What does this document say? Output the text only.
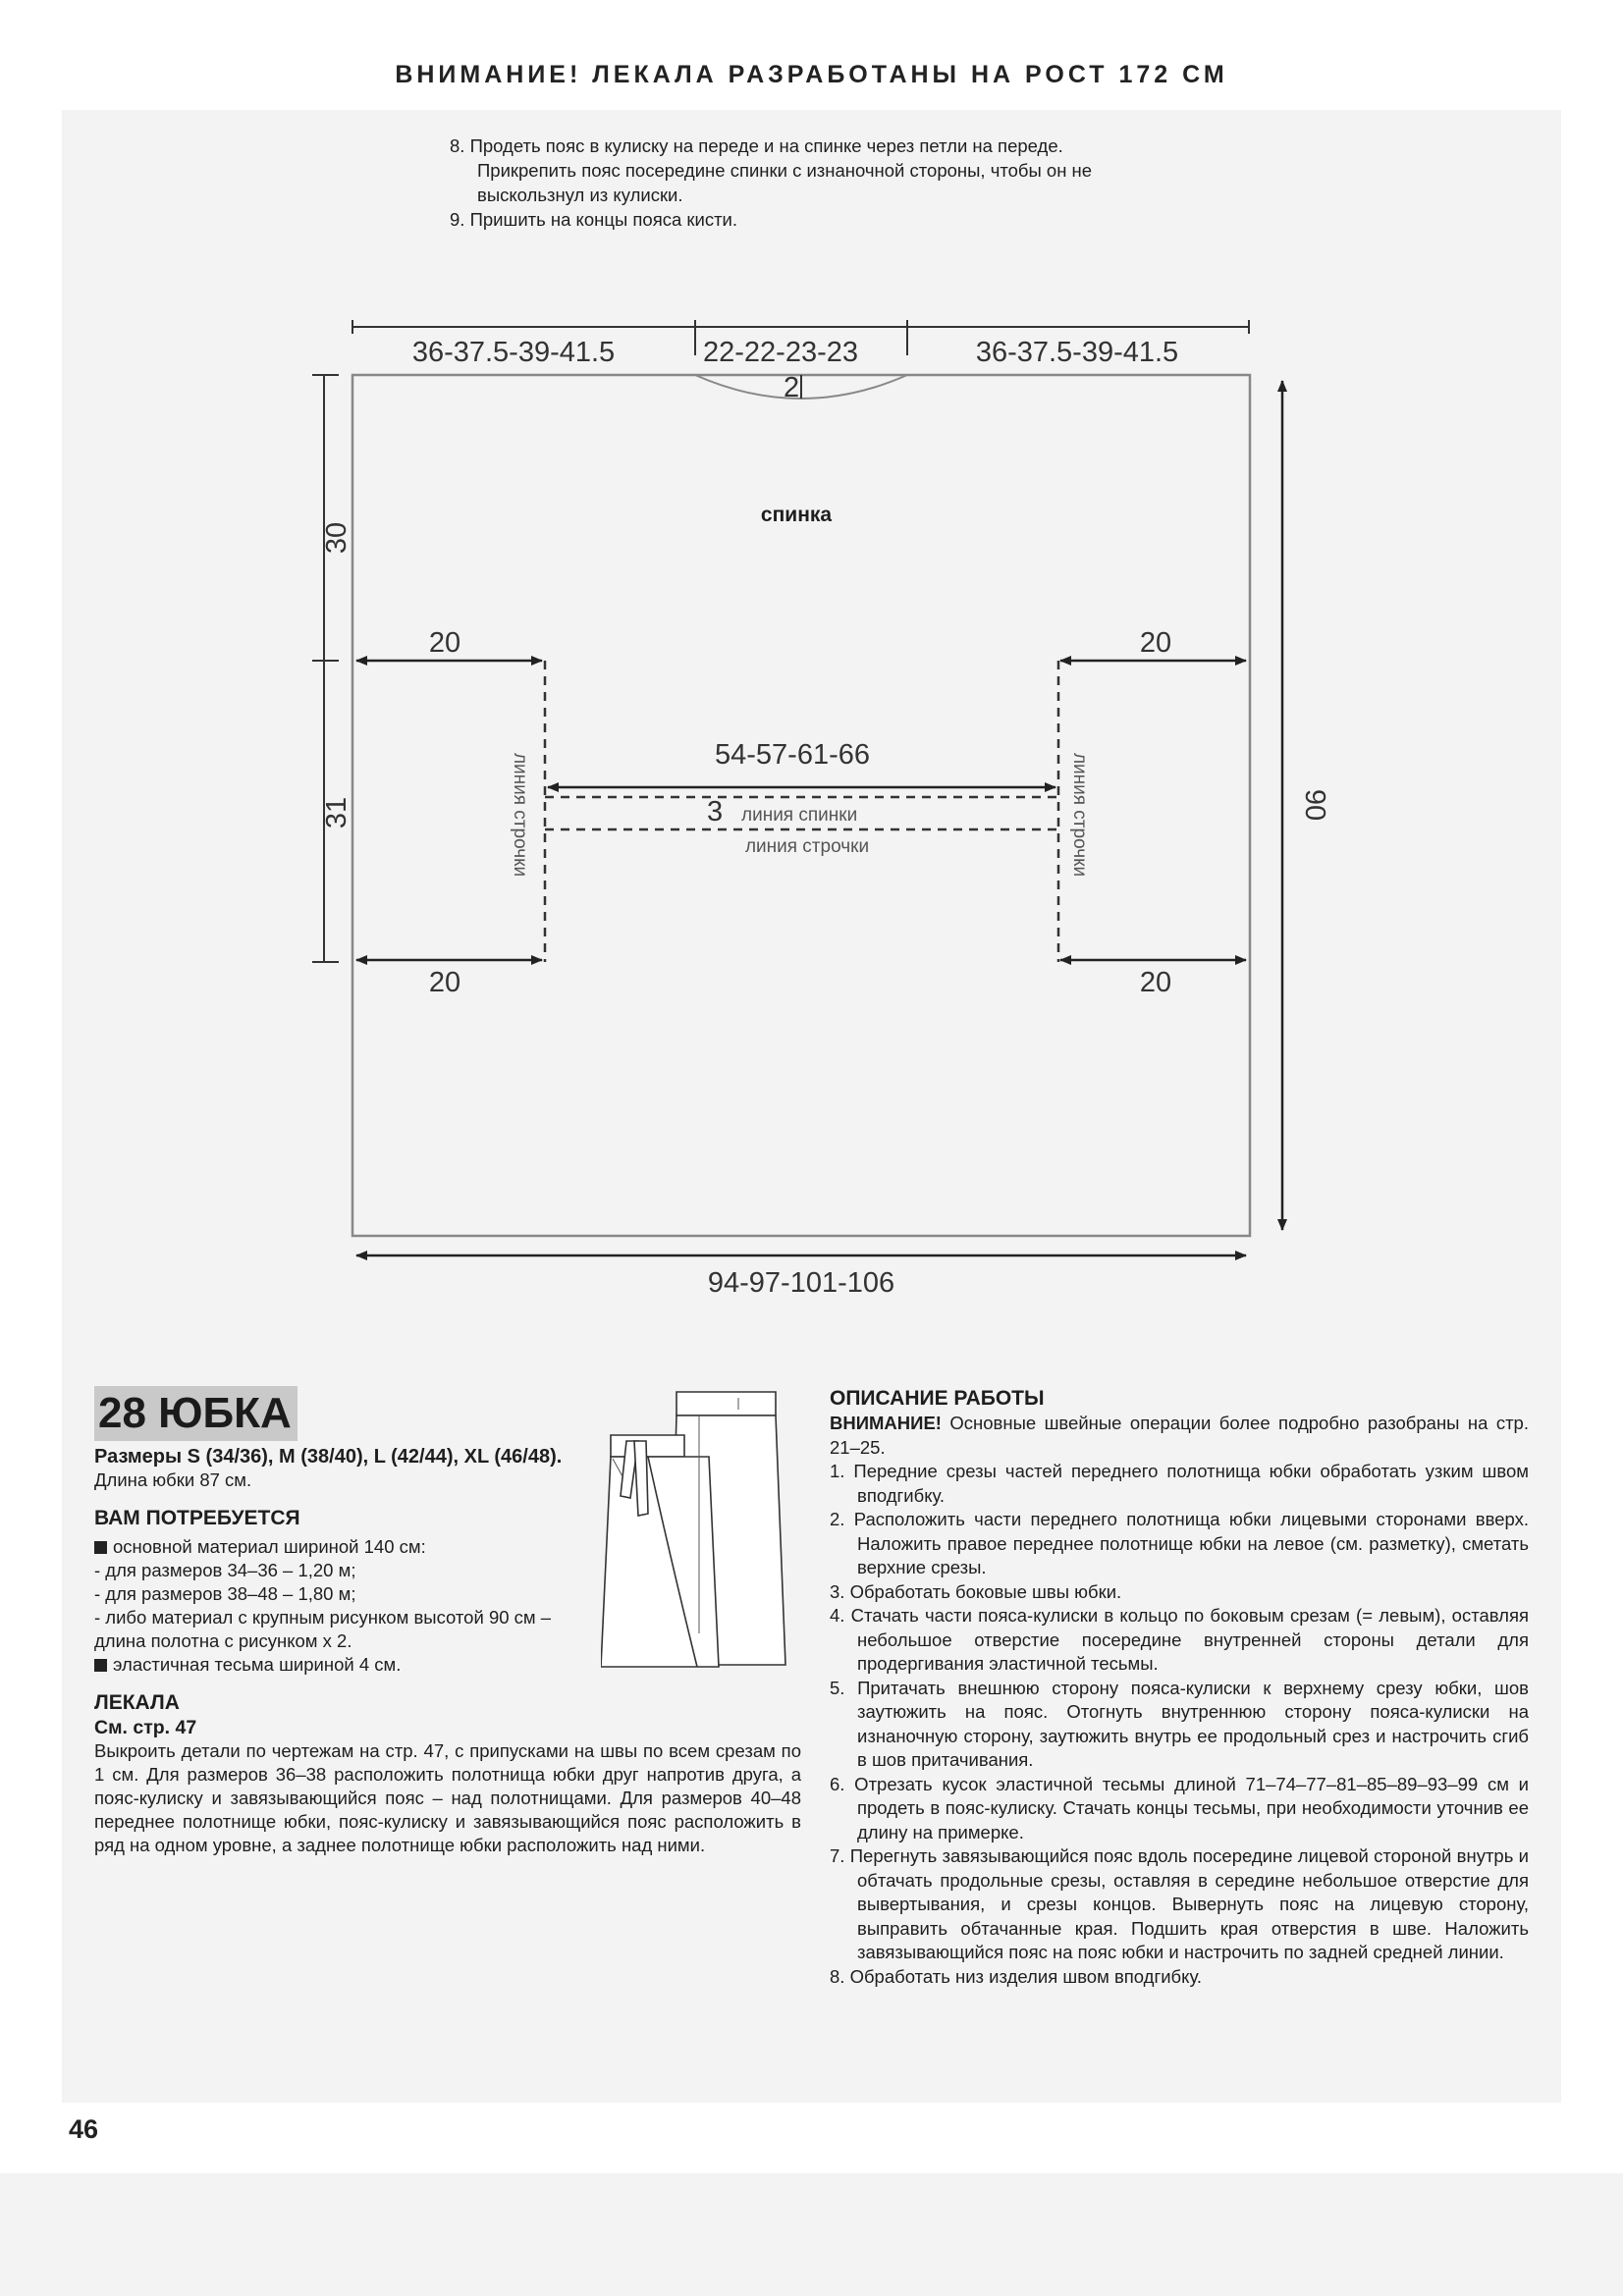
ВНИМАНИЕ! ЛЕКАЛА РАЗРАБОТАНЫ НА РОСТ 172 СМ
8. Продеть пояс в кулиску на переде и на спинке через петли на переде. Прикрепить пояс посередине спинки с изнаночной стороны, чтобы он не выскользнул из кулиски.
9. Пришить на концы пояса кисти.
36-37.5-39-41.5	22-22-23-23	36-37.5-39-41.5
2
спинка
30
31	90
20	20
20	20
54-57-61-66
3 линия спинки
линия строчки
линия строчки	линия строчки
94-97-101-106
28 ЮБКА
Размеры S (34/36), M (38/40), L (42/44), XL (46/48).

Длина юбки 87 см.

ВАМ ПОТРЕБУЕТСЯ
основной материал шириной 140 см:
- для размеров 34–36 – 1,20 м;
- для размеров 38–48 – 1,80 м;
- либо материал с крупным рисунком высотой 90 см – длина полотна с рисунком x 2.
эластичная тесьма шириной 4 см.
ЛЕКАЛА
См. стр. 47

Выкроить детали по чертежам на стр. 47, с припусками на швы по всем срезам по 1 см. Для размеров 36–38 расположить полотнища юбки друг напротив друга, а пояс-кулиску и завязывающийся пояс – над полотнищами. Для размеров 40–48 переднее полотнище юбки, пояс-кулиску и завязывающийся пояс расположить в ряд на одном уровне, а заднее полотнище юбки расположить над ними.

ОПИСАНИЕ РАБОТЫ

ВНИМАНИЕ! Основные швейные операции более подробно разобраны на стр. 21–25.

1. Передние срезы частей переднего полотнища юбки обработать узким швом вподгибку.
2. Расположить части переднего полотнища юбки лицевыми сторонами вверх. Наложить правое переднее полотнище юбки на левое (см. разметку), сметать верхние срезы.
3. Обработать боковые швы юбки.
4. Стачать части пояса-кулиски в кольцо по боковым срезам (= левым), оставляя небольшое отверстие посередине внутренней стороны детали для продергивания эластичной тесьмы.
5. Притачать внешнюю сторону пояса-кулиски к верхнему срезу юбки, шов заутюжить на пояс. Отогнуть внутреннюю сторону пояса-кулиски на изнаночную сторону, заутюжить внутрь ее продольный срез и настрочить сгиб в шов притачивания.
6. Отрезать кусок эластичной тесьмы длиной 71–74–77–81–85–89–93–99 см и продеть в пояс-кулиску. Стачать концы тесьмы, при необходимости уточнив ее длину на примерке.
7. Перегнуть завязывающийся пояс вдоль посередине лицевой стороной внутрь и обтачать продольные срезы, оставляя в середине небольшое отверстие для вывертывания, и срезы концов. Вывернуть пояс на лицевую сторону, выправить обтачанные края. Подшить края отверстия в шве. Наложить завязывающийся пояс на пояс юбки и настрочить по задней средней линии.
8. Обработать низ изделия швом вподгибку.
46
